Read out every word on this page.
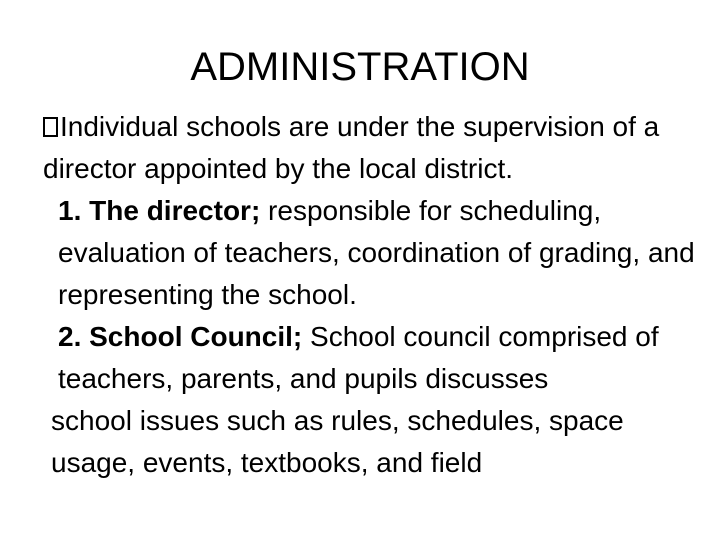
ADMINISTRATION

Individual schools are under the supervision of a director appointed by the local district.

1. The director; responsible for scheduling, evaluation of teachers, coordination of grading, and representing the school.

2. School Council; School council comprised of teachers, parents, and pupils discusses

school issues such as rules, schedules, space usage, events, textbooks, and field
